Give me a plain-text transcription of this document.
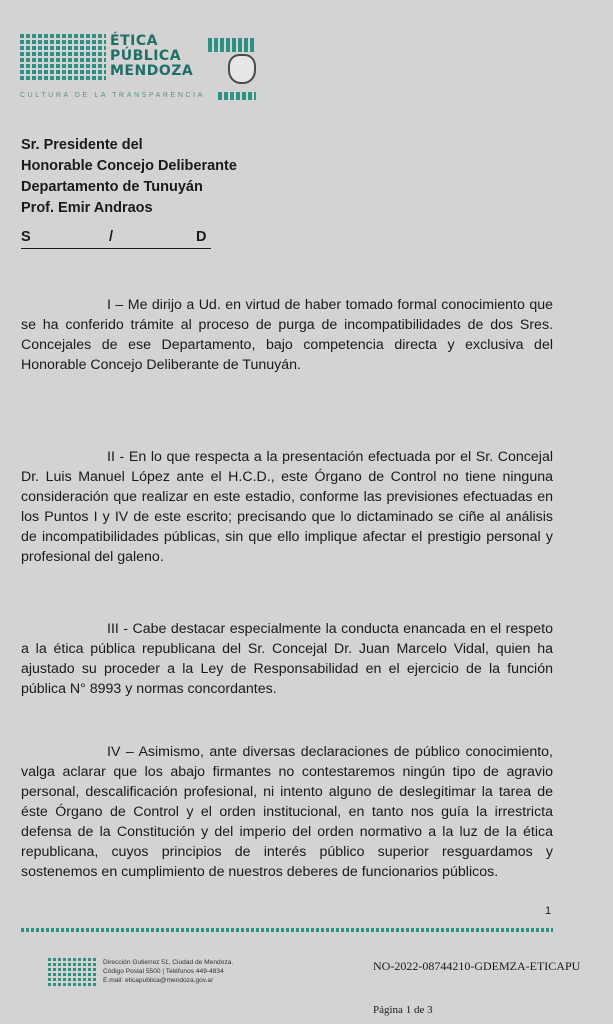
ÉTICA
PÚBLICA
MENDOZA
CULTURA DE LA TRANSPARENCIA
Sr. Presidente del
Honorable Concejo Deliberante
Departamento de Tunuyán
Prof. Emir Andraos
S	/	D

I – Me dirijo a Ud. en virtud de haber tomado formal conocimiento que se ha conferido trámite al proceso de purga de incompatibilidades de dos Sres. Concejales de ese Departamento, bajo competencia directa y exclusiva del Honorable Concejo Deliberante de Tunuyán.

II - En lo que respecta a la presentación efectuada por el Sr. Concejal Dr. Luis Manuel López ante el H.C.D., este Órgano de Control no tiene ninguna consideración que realizar en este estadio, conforme las previsiones efectuadas en los Puntos I y IV de este escrito; precisando que lo dictaminado se ciñe al análisis de incompatibilidades públicas, sin que ello implique afectar el prestigio personal y profesional del galeno.

III - Cabe destacar especialmente la conducta enancada en el respeto a la ética pública republicana del Sr. Concejal Dr. Juan Marcelo Vidal, quien ha ajustado su proceder a la Ley de Responsabilidad en el ejercicio de la función pública N° 8993 y normas concordantes.

IV – Asimismo, ante diversas declaraciones de público conocimiento, valga aclarar que los abajo firmantes no contestaremos ningún tipo de agravio personal, descalificación profesional, ni intento alguno de deslegitimar la tarea de éste Órgano de Control y el orden institucional, en tanto nos guía la irrestricta defensa de la Constitución y del imperio del orden normativo a la luz de la ética republicana, cuyos principios de interés público superior resguardamos y sostenemos en cumplimiento de nuestros deberes de funcionarios públicos.

1
Dirección Gutierrez 51, Ciudad de Mendoza.
Código Postal 5500 | Teléfonos 449-4834
E.mail: eticapublica@mendoza.gov.ar
NO-2022-08744210-GDEMZA-ETICAPU
Página 1 de 3
